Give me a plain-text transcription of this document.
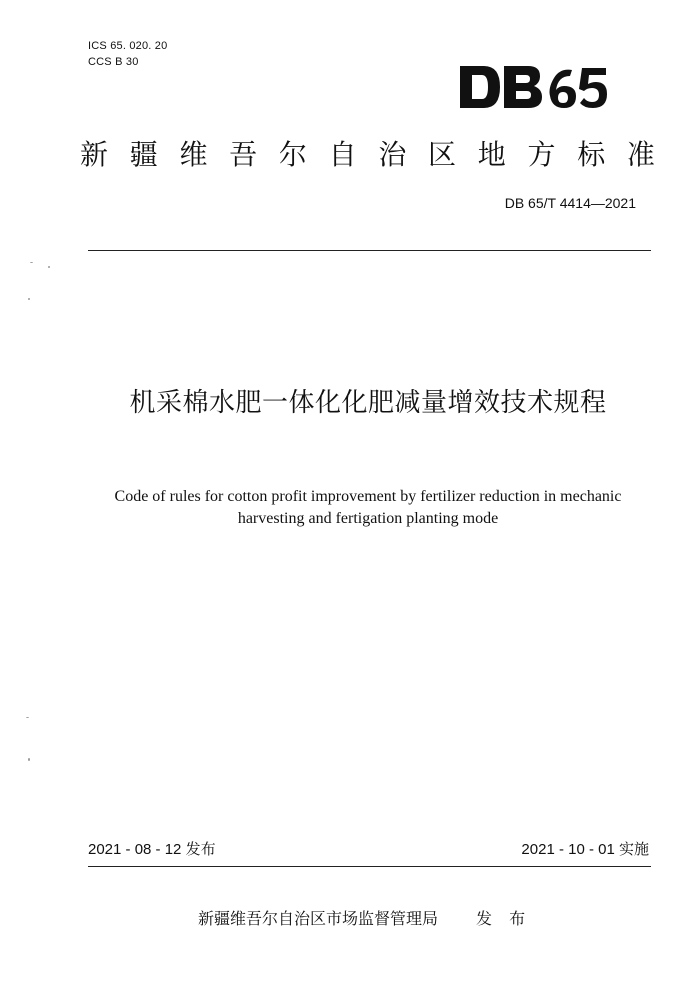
ICS 65. 020. 20
CCS B 30
新 疆 维 吾 尔 自 治 区 地 方 标 准
DB 65/T 4414—2021
机采棉水肥一体化化肥减量增效技术规程
Code of rules for cotton profit improvement by fertilizer reduction in mechanic
harvesting and fertigation planting mode
2021 - 08 - 12 发布	2021 - 10 - 01 实施
新疆维吾尔自治区市场监督管理局 发 布
